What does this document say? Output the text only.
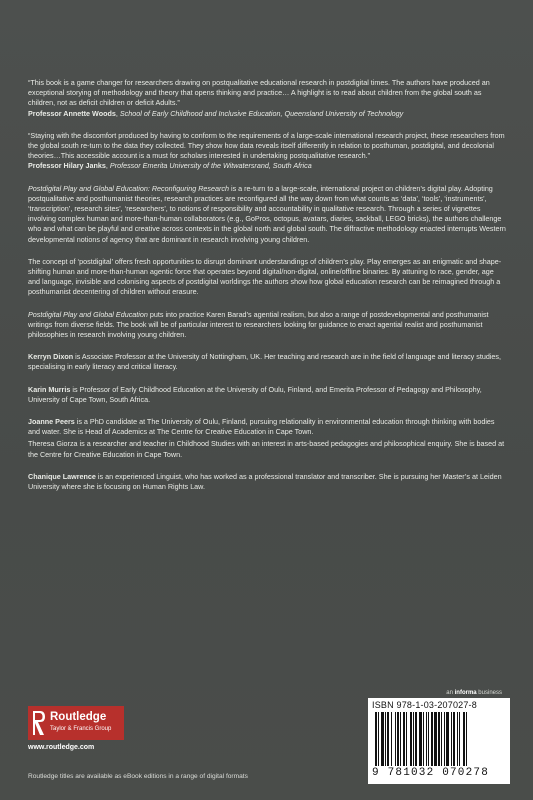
“This book is a game changer for researchers drawing on postqualitative educational research in postdigital times. The authors have produced an exceptional storying of methodology and theory that opens thinking and practice… A highlight is to read about children from the global south as children, not as deficit children or deficit Adults.”
Professor Annette Woods, School of Early Childhood and Inclusive Education, Queensland University of Technology

“Staying with the discomfort produced by having to conform to the requirements of a large-scale international research project, these researchers from the global south re-turn to the data they collected. They show how data reveals itself differently in relation to posthuman, postdigital, and decolonial theories…This accessible account is a must for scholars interested in undertaking postqualitative research.”
Professor Hilary Janks, Professor Emerita University of the Witwatersrand, South Africa

Postdigital Play and Global Education: Reconfiguring Research is a re-turn to a large-scale, international project on children’s digital play. Adopting postqualitative and posthumanist theories, research practices are reconfigured all the way down from what counts as ‘data’, ‘tools’, ‘instruments’, ‘transcription’, research sites’, ‘researchers’, to notions of responsibility and accountability in qualitative research. Through a series of vignettes involving complex human and more-than-human collaborators (e.g., GoPros, octopus, avatars, diaries, sackball, LEGO bricks), the authors challenge who and what can be playful and creative across contexts in the global north and global south. The diffractive methodology enacted interrupts Western developmental notions of agency that are dominant in research involving young children.

The concept of ‘postdigital’ offers fresh opportunities to disrupt dominant understandings of children’s play. Play emerges as an enigmatic and shape-shifting human and more-than-human agentic force that operates beyond digital/non-digital, online/offline binaries. By attuning to race, gender, age and language, invisible and colonising aspects of postdigital worldings the authors show how global education research can be reimagined through a posthumanist decentering of children without erasure.

Postdigital Play and Global Education puts into practice Karen Barad’s agential realism, but also a range of postdevelopmental and posthumanist writings from diverse fields. The book will be of particular interest to researchers looking for guidance to enact agential realist and posthumanist philosophies in research involving young children.

Kerryn Dixon is Associate Professor at the University of Nottingham, UK. Her teaching and research are in the field of language and literacy studies, specialising in early literacy and critical literacy.

Karin Murris is Professor of Early Childhood Education at the University of Oulu, Finland, and Emerita Professor of Pedagogy and Philosophy, University of Cape Town, South Africa.

Joanne Peers is a PhD candidate at The University of Oulu, Finland, pursuing relationality in environmental education through thinking with bodies and water. She is Head of Academics at The Centre for Creative Education in Cape Town.

Theresa Giorza is a researcher and teacher in Childhood Studies with an interest in arts-based pedagogies and philosophical enquiry. She is based at the Centre for Creative Education in Cape Town.

Chanique Lawrence is an experienced Linguist, who has worked as a professional translator and transcriber. She is pursuing her Master’s at Leiden University where she is focusing on Human Rights Law.

an informa business
Routledge
Taylor & Francis Group
www.routledge.com
Routledge titles are available as eBook editions in a range of digital formats
ISBN 978-1-03-207027-8
9 781032 070278
